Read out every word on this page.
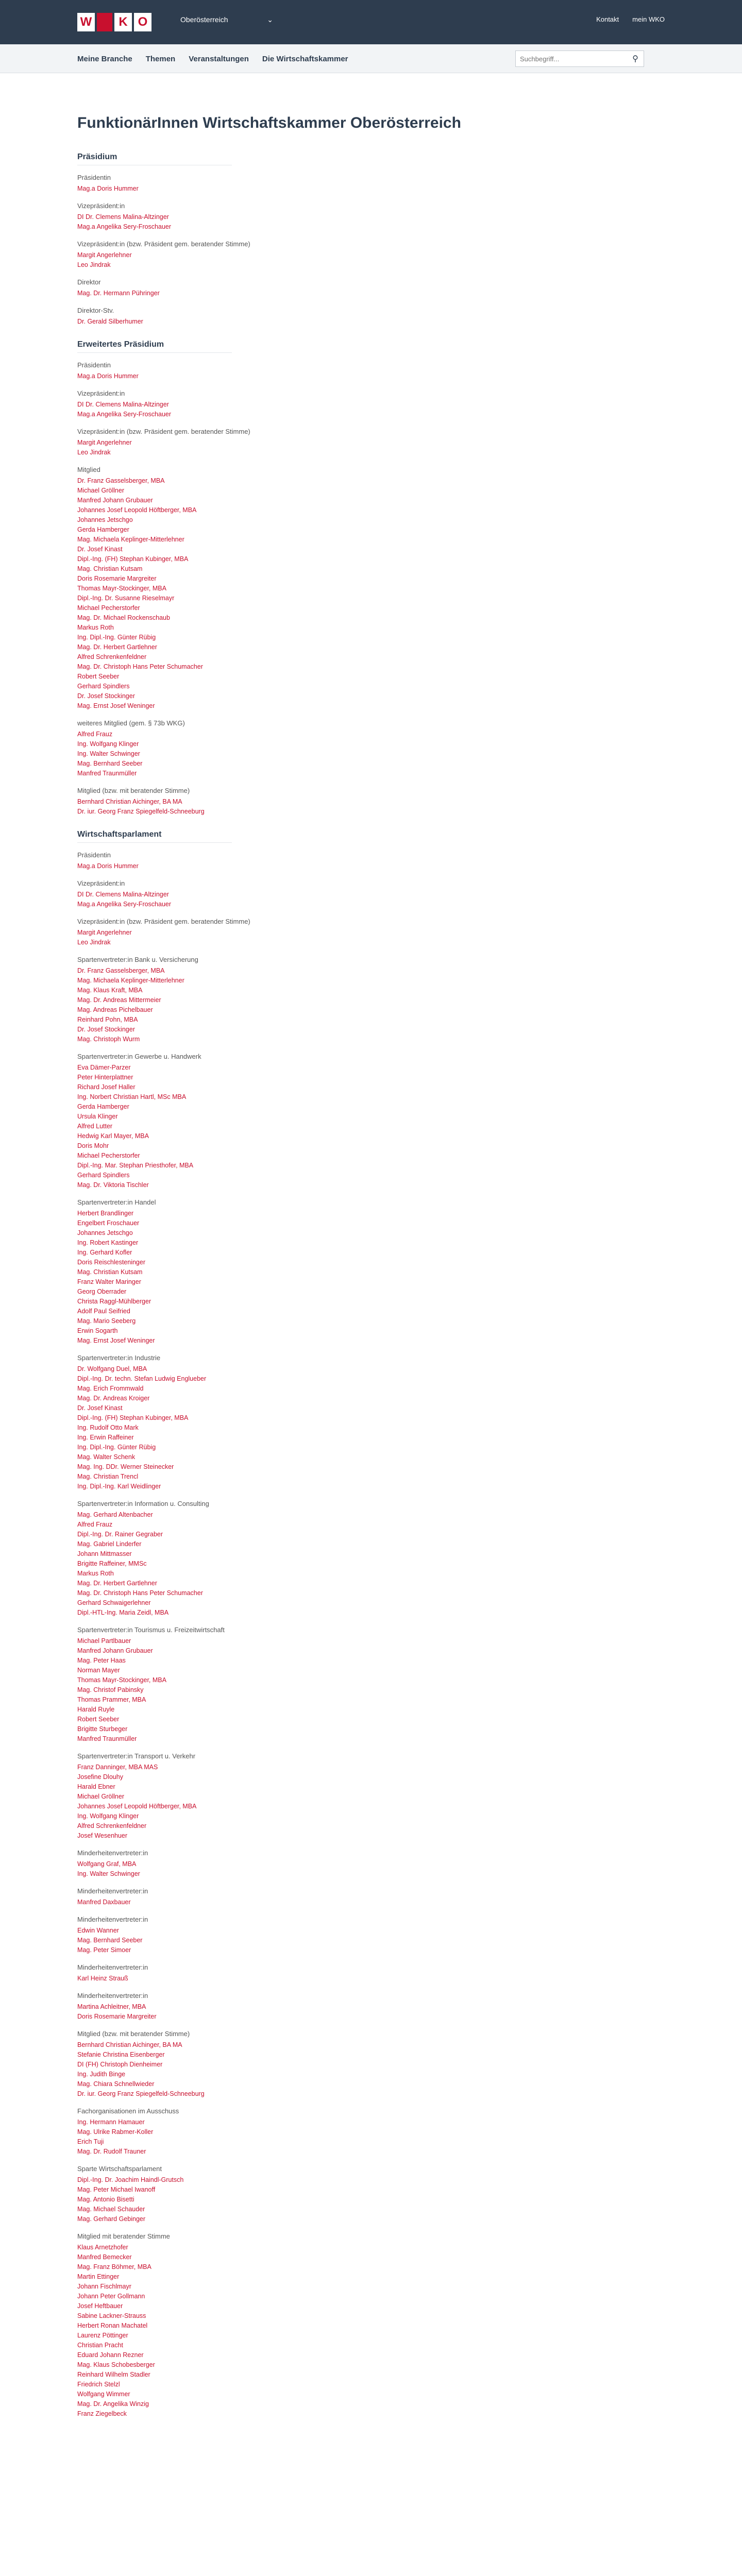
W	K O	Oberösterreich	⌄	Kontakt mein WKO
Meine Branche Themen Veranstaltungen Die Wirtschaftskammer
Suchbegriff...	⚲
FunktionärInnen Wirtschaftskammer Oberösterreich
Präsidium
Präsidentin
Mag.a Doris Hummer
Vizepräsident:in
DI Dr. Clemens Malina-Altzinger
Mag.a Angelika Sery-Froschauer
Vizepräsident:in (bzw. Präsident gem. beratender Stimme)
Margit Angerlehner
Leo Jindrak
Direktor
Mag. Dr. Hermann Pühringer
Direktor-Stv.
Dr. Gerald Silberhumer
Erweitertes Präsidium
Präsidentin
Mag.a Doris Hummer
Vizepräsident:in
DI Dr. Clemens Malina-Altzinger
Mag.a Angelika Sery-Froschauer
Vizepräsident:in (bzw. Präsident gem. beratender Stimme)
Margit Angerlehner
Leo Jindrak
Mitglied
Dr. Franz Gasselsberger, MBA
Michael Gröllner
Manfred Johann Grubauer
Johannes Josef Leopold Höftberger, MBA
Johannes Jetschgo
Gerda Hamberger
Mag. Michaela Keplinger-Mitterlehner
Dr. Josef Kinast
Dipl.-Ing. (FH) Stephan Kubinger, MBA
Mag. Christian Kutsam
Doris Rosemarie Margreiter
Thomas Mayr-Stockinger, MBA
Dipl.-Ing. Dr. Susanne Rieselmayr
Michael Pecherstorfer
Mag. Dr. Michael Rockenschaub
Markus Roth
Ing. Dipl.-Ing. Günter Rübig
Mag. Dr. Herbert Gartlehner
Alfred Schrenkenfeldner
Mag. Dr. Christoph Hans Peter Schumacher
Robert Seeber
Gerhard Spindlers
Dr. Josef Stockinger
Mag. Ernst Josef Weninger
weiteres Mitglied (gem. § 73b WKG)
Alfred Frauz
Ing. Wolfgang Klinger
Ing. Walter Schwinger
Mag. Bernhard Seeber
Manfred Traunmüller
Mitglied (bzw. mit beratender Stimme)
Bernhard Christian Aichinger, BA MA
Dr. iur. Georg Franz Spiegelfeld-Schneeburg
Wirtschaftsparlament
Präsidentin
Mag.a Doris Hummer
Vizepräsident:in
DI Dr. Clemens Malina-Altzinger
Mag.a Angelika Sery-Froschauer
Vizepräsident:in (bzw. Präsident gem. beratender Stimme)
Margit Angerlehner
Leo Jindrak
Spartenvertreter:in Bank u. Versicherung
Dr. Franz Gasselsberger, MBA
Mag. Michaela Keplinger-Mitterlehner
Mag. Klaus Kraft, MBA
Mag. Dr. Andreas Mittermeier
Mag. Andreas Pichelbauer
Reinhard Pohn, MBA
Dr. Josef Stockinger
Mag. Christoph Wurm
Spartenvertreter:in Gewerbe u. Handwerk
Eva Dämer-Parzer
Peter Hinterplattner
Richard Josef Haller
Ing. Norbert Christian Hartl, MSc MBA
Gerda Hamberger
Ursula Klinger
Alfred Lutter
Hedwig Karl Mayer, MBA
Doris Mohr
Michael Pecherstorfer
Dipl.-Ing. Mar. Stephan Priesthofer, MBA
Gerhard Spindlers
Mag. Dr. Viktoria Tischler
Spartenvertreter:in Handel
Herbert Brandlinger
Engelbert Froschauer
Johannes Jetschgo
Ing. Robert Kastinger
Ing. Gerhard Kofler
Doris Reischlesteninger
Mag. Christian Kutsam
Franz Walter Maringer
Georg Oberrader
Christa Raggl-Mühlberger
Adolf Paul Seifried
Mag. Mario Seeberg
Erwin Sogarth
Mag. Ernst Josef Weninger
Spartenvertreter:in Industrie
Dr. Wolfgang Duel, MBA
Dipl.-Ing. Dr. techn. Stefan Ludwig Englueber
Mag. Erich Frommwald
Mag. Dr. Andreas Kroiger
Dr. Josef Kinast
Dipl.-Ing. (FH) Stephan Kubinger, MBA
Ing. Rudolf Otto Mark
Ing. Erwin Raffeiner
Ing. Dipl.-Ing. Günter Rübig
Mag. Walter Schenk
Mag. Ing. DDr. Werner Steinecker
Mag. Christian Trencl
Ing. Dipl.-Ing. Karl Weidlinger
Spartenvertreter:in Information u. Consulting
Mag. Gerhard Altenbacher
Alfred Frauz
Dipl.-Ing. Dr. Rainer Gegraber
Mag. Gabriel Linderfer
Johann Mittmasser
Brigitte Raffeiner, MMSc
Markus Roth
Mag. Dr. Herbert Gartlehner
Mag. Dr. Christoph Hans Peter Schumacher
Gerhard Schwaigerlehner
Dipl.-HTL-Ing. Maria Zeidl, MBA
Spartenvertreter:in Tourismus u. Freizeitwirtschaft
Michael Partlbauer
Manfred Johann Grubauer
Mag. Peter Haas
Norman Mayer
Thomas Mayr-Stockinger, MBA
Mag. Christof Pabinsky
Thomas Prammer, MBA
Harald Ruyle
Robert Seeber
Brigitte Sturbeger
Manfred Traunmüller
Spartenvertreter:in Transport u. Verkehr
Franz Danninger, MBA MAS
Josefine Dlouhy
Harald Ebner
Michael Gröllner
Johannes Josef Leopold Höftberger, MBA
Ing. Wolfgang Klinger
Alfred Schrenkenfeldner
Josef Wesenhuer
Minderheitenvertreter:in
Wolfgang Graf, MBA
Ing. Walter Schwinger
Minderheitenvertreter:in
Manfred Daxbauer
Minderheitenvertreter:in
Edwin Wanner
Mag. Bernhard Seeber
Mag. Peter Simoer
Minderheitenvertreter:in
Karl Heinz Strauß
Minderheitenvertreter:in
Martina Achleitner, MBA
Doris Rosemarie Margreiter
Mitglied (bzw. mit beratender Stimme)
Bernhard Christian Aichinger, BA MA
Stefanie Christina Eisenberger
DI (FH) Christoph Dienheimer
Ing. Judith Binge
Mag. Chiara Schnellwieder
Dr. iur. Georg Franz Spiegelfeld-Schneeburg
Fachorganisationen im Ausschuss
Ing. Hermann Hamauer
Mag. Ulrike Rabmer-Koller
Erich Tuji
Mag. Dr. Rudolf Trauner
Sparte Wirtschaftsparlament
Dipl.-Ing. Dr. Joachim Haindl-Grutsch
Mag. Peter Michael Iwanoff
Mag. Antonio Bisetti
Mag. Michael Schauder
Mag. Gerhard Gebinger
Mitglied mit beratender Stimme
Klaus Arnetzhofer
Manfred Bemecker
Mag. Franz Böhmer, MBA
Martin Ettinger
Johann Fischlmayr
Johann Peter Gollmann
Josef Heftbauer
Sabine Lackner-Strauss
Herbert Ronan Machatel
Laurenz Pöttinger
Christian Pracht
Eduard Johann Rezner
Mag. Klaus Schobesberger
Reinhard Wilhelm Stadler
Friedrich Stelzl
Wolfgang Wimmer
Mag. Dr. Angelika Winzig
Franz Ziegelbeck
